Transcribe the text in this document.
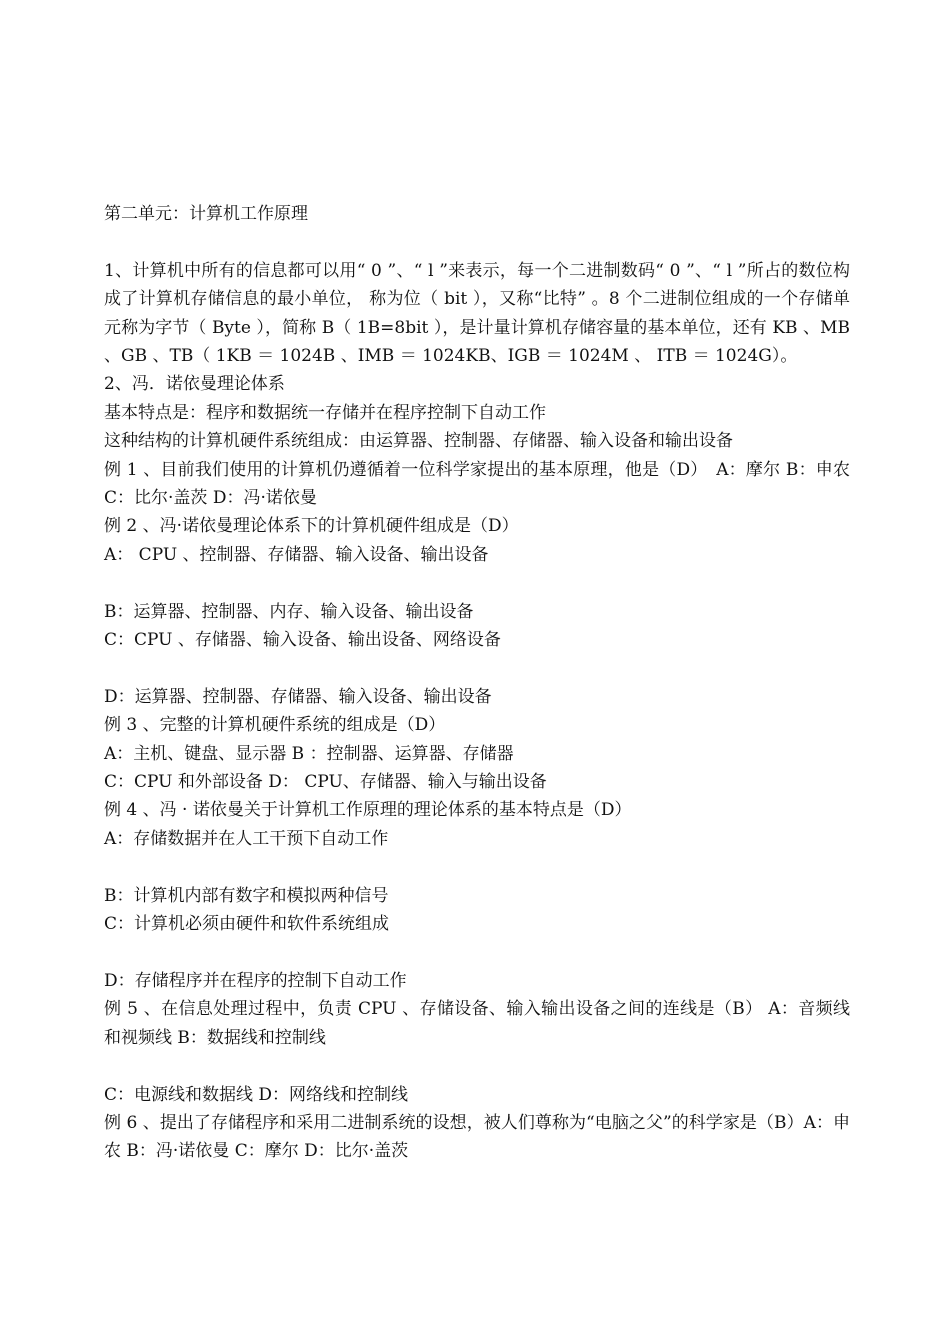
第二单元：计算机工作原理
1、计算机中所有的信息都可以用“ 0 ”、“ l ”来表示，每一个二进制数码“ 0 ”、“ l ”所占的数位构成了计算机存储信息的最小单位， 称为位（ bit ），又称“比特” 。8 个二进制位组成的一个存储单元称为字节（ Byte ），简称 B（ 1B=8bit ），是计量计算机存储容量的基本单位，还有 KB 、MB 、GB 、TB（ 1KB ＝ 1024B 、IMB ＝ 1024KB、IGB ＝ 1024M 、 ITB ＝ 1024G）。
2、冯．诺依曼理论体系
基本特点是：程序和数据统一存储并在程序控制下自动工作
这种结构的计算机硬件系统组成：由运算器、控制器、存储器、输入设备和输出设备
例 1 、目前我们使用的计算机仍遵循着一位科学家提出的基本原理，他是（D）　A：摩尔 B：申农 C：比尔·盖茨 D：冯·诺依曼
例 2 、冯·诺依曼理论体系下的计算机硬件组成是（D）
A： CPU 、控制器、存储器、输入设备、输出设备
B：运算器、控制器、内存、输入设备、输出设备
C：CPU 、存储器、输入设备、输出设备、网络设备
D：运算器、控制器、存储器、输入设备、输出设备
例 3 、完整的计算机硬件系统的组成是（D）
A：主机、键盘、显示器 B ：控制器、运算器、存储器
C：CPU 和外部设备 D： CPU、存储器、输入与输出设备
例 4 、冯 · 诺依曼关于计算机工作原理的理论体系的基本特点是（D）
A：存储数据并在人工干预下自动工作
B：计算机内部有数字和模拟两种信号
C：计算机必须由硬件和软件系统组成
D：存储程序并在程序的控制下自动工作
例 5 、在信息处理过程中，负责 CPU 、存储设备、输入输出设备之间的连线是（B） A：音频线和视频线 B：数据线和控制线
C：电源线和数据线 D：网络线和控制线
例 6 、提出了存储程序和采用二进制系统的设想，被人们尊称为“电脑之父”的科学家是（B）A：申农 B：冯·诺依曼 C：摩尔 D：比尔·盖茨
